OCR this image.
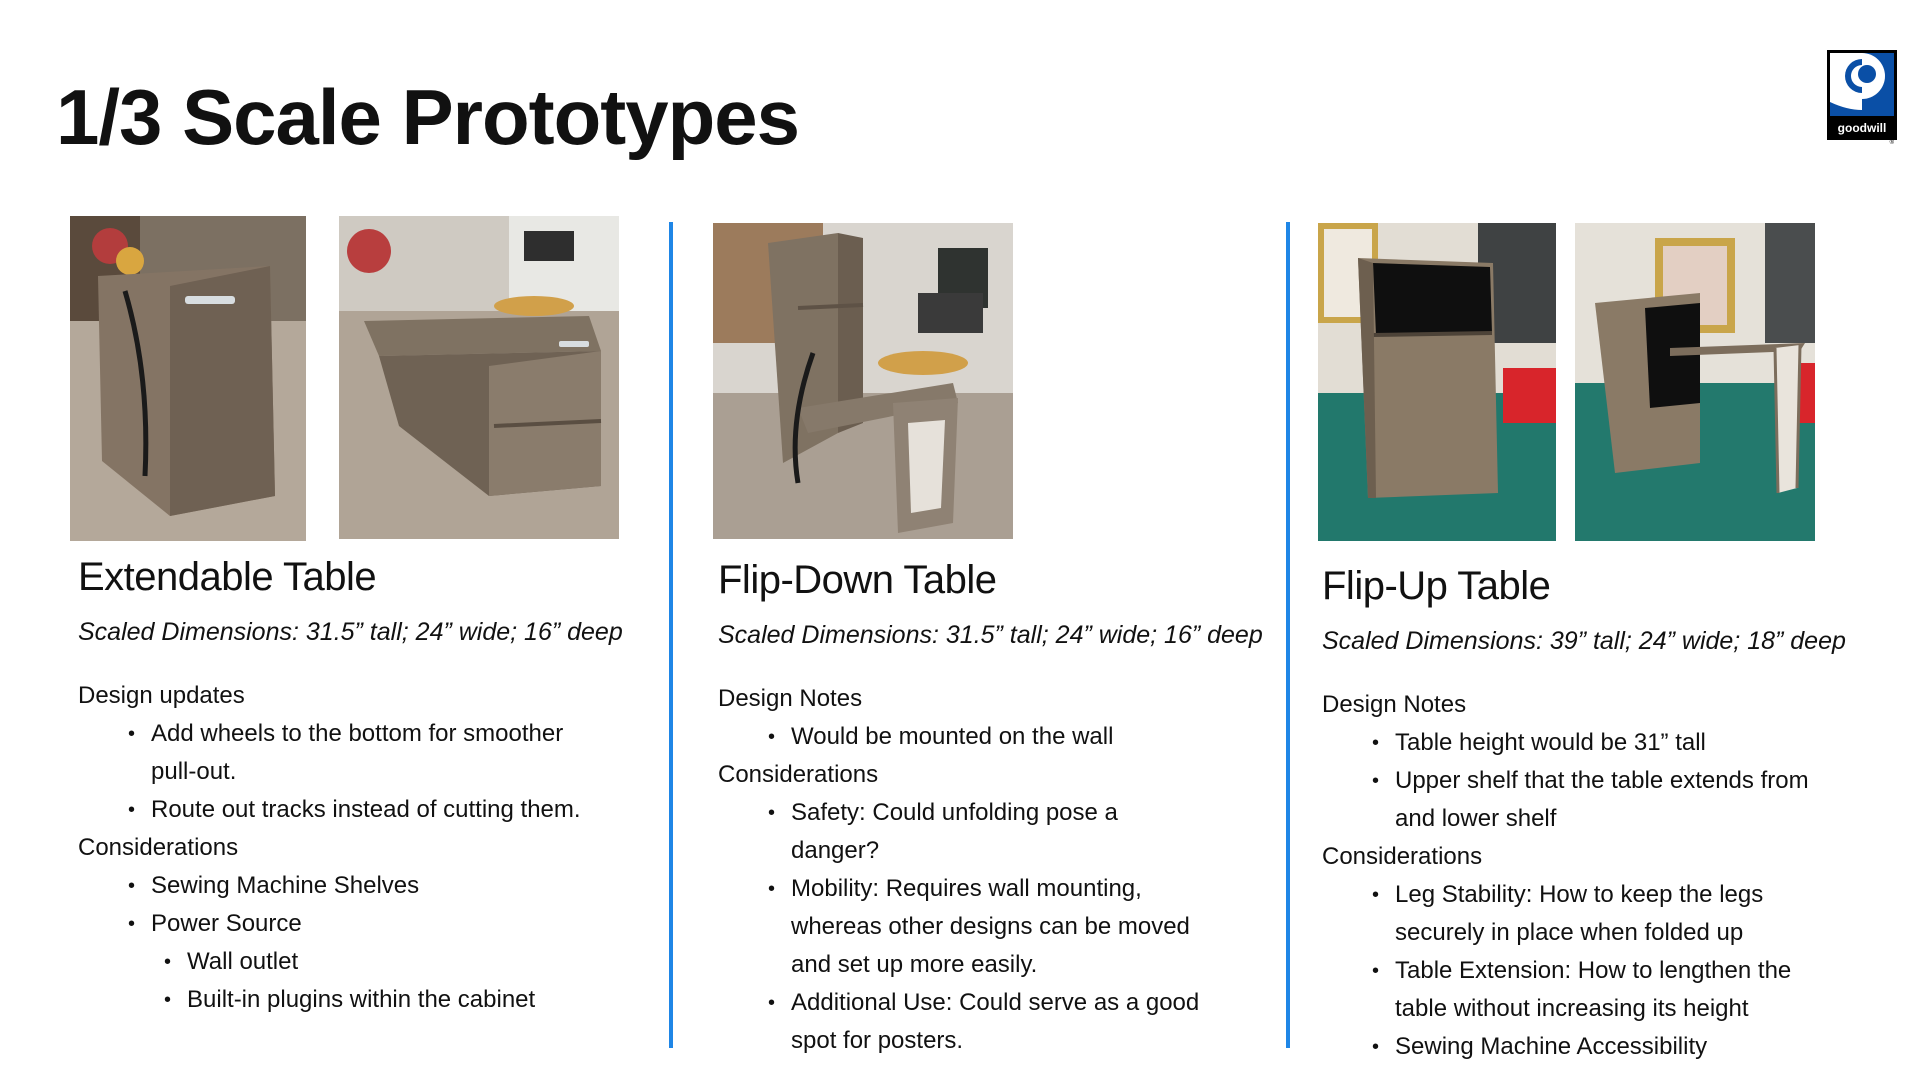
1/3 Scale Prototypes	goodwill
®
Extendable Table
Scaled Dimensions: 31.5” tall; 24” wide; 16” deep
Design updates
• Add wheels to the bottom for smoother pull-out.
• Route out tracks instead of cutting them.
Considerations
• Sewing Machine Shelves
• Power Source
• Wall outlet
• Built-in plugins within the cabinet
Flip-Down Table
Scaled Dimensions: 31.5” tall; 24” wide; 16” deep
Design Notes
• Would be mounted on the wall
Considerations
• Safety: Could unfolding pose a danger?
• Mobility: Requires wall mounting, whereas other designs can be moved and set up more easily.
• Additional Use: Could serve as a good spot for posters.
Flip-Up Table
Scaled Dimensions: 39” tall; 24” wide; 18” deep
Design Notes
• Table height would be 31” tall
• Upper shelf that the table extends from and lower shelf
Considerations
• Leg Stability: How to keep the legs securely in place when folded up
• Table Extension: How to lengthen the table without increasing its height
• Sewing Machine Accessibility
